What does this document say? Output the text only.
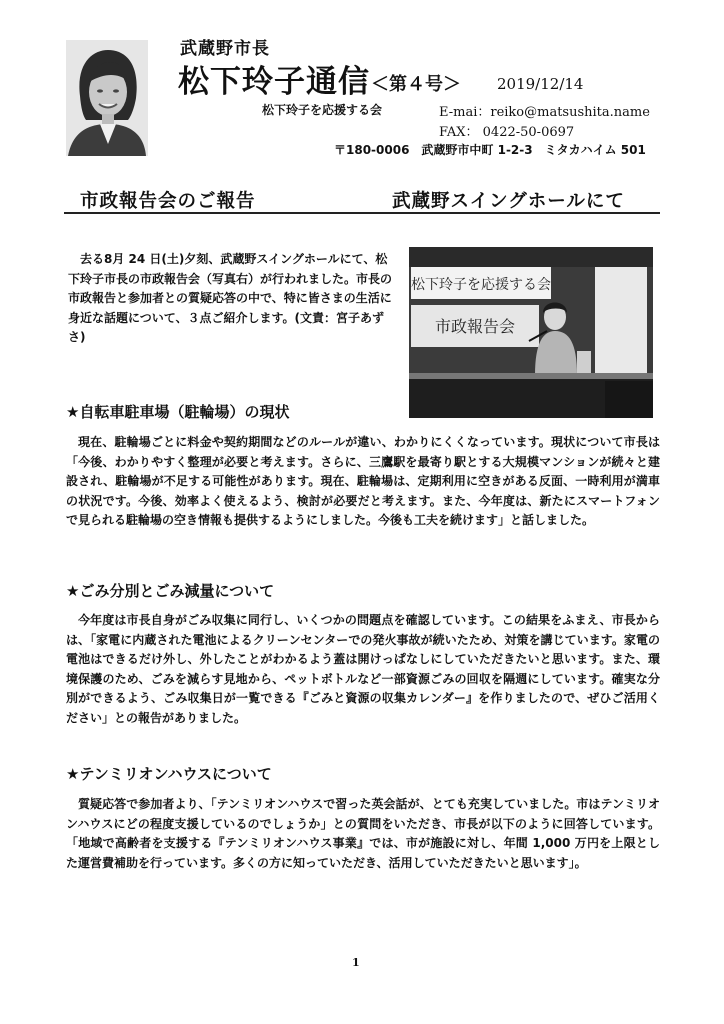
武蔵野市長
松下玲子通信 ＜第４号＞ 2019/12/14
松下玲子を応援する会	E-mai：reiko@matsushita.name
FAX： 0422-50-0697
〒180-0006　武蔵野市中町 1-2-3　ミタカハイム 501
市政報告会のご報告	武蔵野スイングホールにて
去る8月 24 日(土)夕刻、武蔵野スイングホールにて、松下玲子市長の市政報告会（写真右）が行われました。市長の市政報告と参加者との質疑応答の中で、特に皆さまの生活に身近な話題について、３点ご紹介します。(文責：宮子あずさ)
松下玲子を応援する会
市政報告会
★自転車駐車場（駐輪場）の現状
現在、駐輪場ごとに料金や契約期間などのルールが違い、わかりにくくなっています。現状について市長は「今後、わかりやすく整理が必要と考えます。さらに、三鷹駅を最寄り駅とする大規模マンションが続々と建設され、駐輪場が不足する可能性があります。現在、駐輪場は、定期利用に空きがある反面、一時利用が満車の状況です。今後、効率よく使えるよう、検討が必要だと考えます。また、今年度は、新たにスマートフォンで見られる駐輪場の空き情報も提供するようにしました。今後も工夫を続けます」と話しました。
★ごみ分別とごみ減量について
今年度は市長自身がごみ収集に同行し、いくつかの問題点を確認しています。この結果をふまえ、市長からは、「家電に内蔵された電池によるクリーンセンターでの発火事故が続いたため、対策を講じています。家電の電池はできるだけ外し、外したことがわかるよう蓋は開けっぱなしにしていただきたいと思います。また、環境保護のため、ごみを減らす見地から、ペットボトルなど一部資源ごみの回収を隔週にしています。確実な分別ができるよう、ごみ収集日が一覧できる『ごみと資源の収集カレンダー』を作りましたので、ぜひご活用ください」との報告がありました。
★テンミリオンハウスについて
質疑応答で参加者より、「テンミリオンハウスで習った英会話が、とても充実していました。市はテンミリオンハウスにどの程度支援しているのでしょうか」との質問をいただき、市長が以下のように回答しています。「地域で高齢者を支援する『テンミリオンハウス事業』では、市が施設に対し、年間 1,000 万円を上限とした運営費補助を行っています。多くの方に知っていただき、活用していただきたいと思います」。
1
